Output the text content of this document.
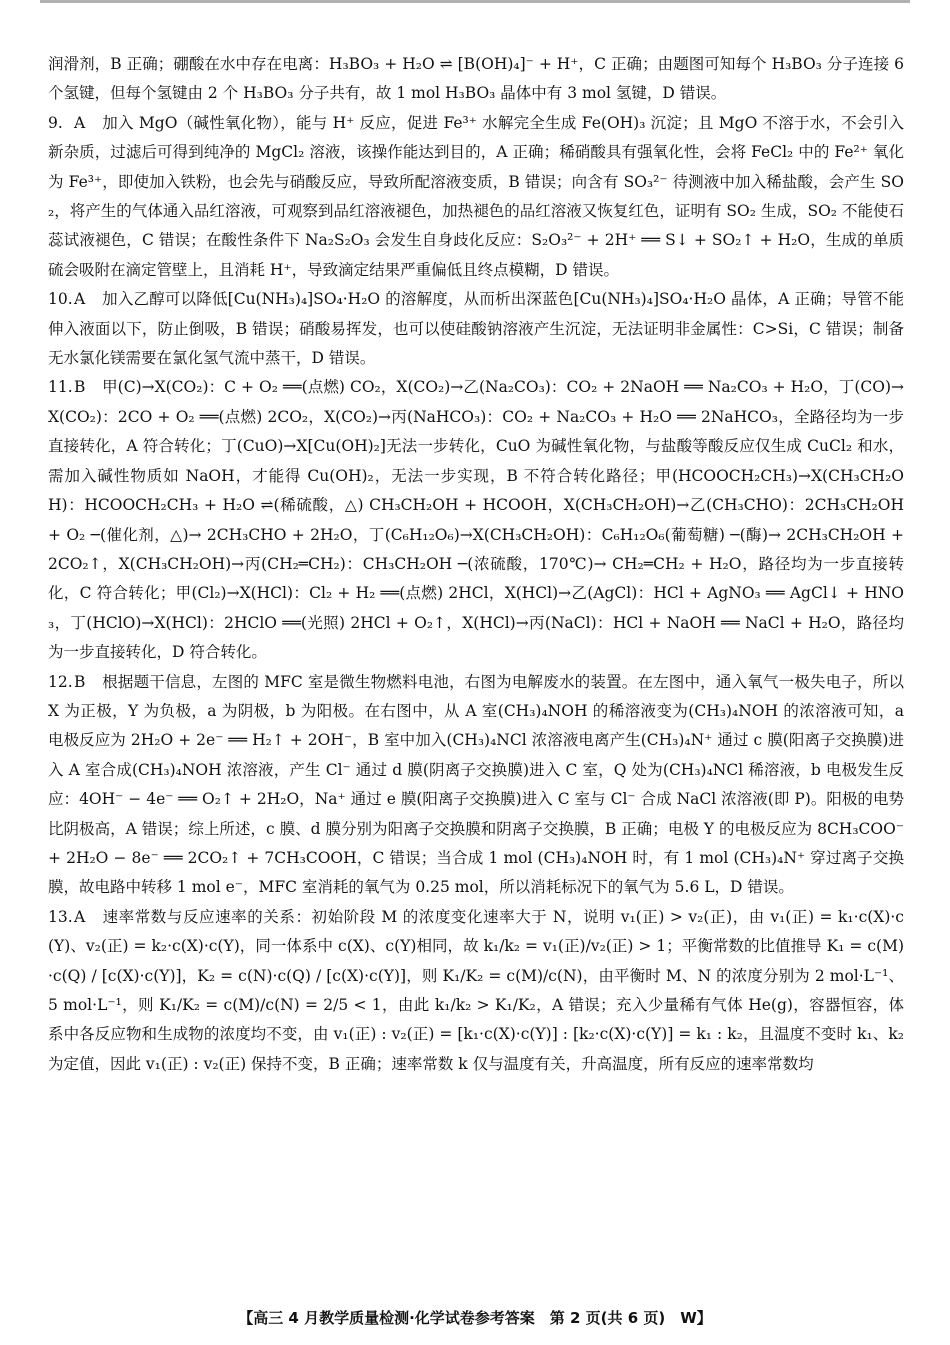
润滑剂，B 正确；硼酸在水中存在电离：H₃BO₃ + H₂O ⇌ [B(OH)₄]⁻ + H⁺，C 正确；由题图可知每个 H₃BO₃ 分子连接 6 个氢键，但每个氢键由 2 个 H₃BO₃ 分子共有，故 1 mol H₃BO₃ 晶体中有 3 mol 氢键，D 错误。

9. A 加入 MgO（碱性氧化物），能与 H⁺ 反应，促进 Fe³⁺ 水解完全生成 Fe(OH)₃ 沉淀；且 MgO 不溶于水，不会引入新杂质，过滤后可得到纯净的 MgCl₂ 溶液，该操作能达到目的，A 正确；稀硝酸具有强氧化性，会将 FeCl₂ 中的 Fe²⁺ 氧化为 Fe³⁺，即使加入铁粉，也会先与硝酸反应，导致所配溶液变质，B 错误；向含有 SO₃²⁻ 待测液中加入稀盐酸，会产生 SO₂，将产生的气体通入品红溶液，可观察到品红溶液褪色，加热褪色的品红溶液又恢复红色，证明有 SO₂ 生成，SO₂ 不能使石蕊试液褪色，C 错误；在酸性条件下 Na₂S₂O₃ 会发生自身歧化反应：S₂O₃²⁻ + 2H⁺ ══ S↓ + SO₂↑ + H₂O，生成的单质硫会吸附在滴定管壁上，且消耗 H⁺，导致滴定结果严重偏低且终点模糊，D 错误。

10.A 加入乙醇可以降低[Cu(NH₃)₄]SO₄·H₂O 的溶解度，从而析出深蓝色[Cu(NH₃)₄]SO₄·H₂O 晶体，A 正确；导管不能伸入液面以下，防止倒吸，B 错误；硝酸易挥发，也可以使硅酸钠溶液产生沉淀，无法证明非金属性：C>Si，C 错误；制备无水氯化镁需要在氯化氢气流中蒸干，D 错误。

11.B 甲(C)→X(CO₂)：C + O₂ ══(点燃) CO₂，X(CO₂)→乙(Na₂CO₃)：CO₂ + 2NaOH ══ Na₂CO₃ + H₂O，丁(CO)→X(CO₂)：2CO + O₂ ══(点燃) 2CO₂，X(CO₂)→丙(NaHCO₃)：CO₂ + Na₂CO₃ + H₂O ══ 2NaHCO₃，全路径均为一步直接转化，A 符合转化；丁(CuO)→X[Cu(OH)₂]无法一步转化，CuO 为碱性氧化物，与盐酸等酸反应仅生成 CuCl₂ 和水，需加入碱性物质如 NaOH，才能得 Cu(OH)₂，无法一步实现，B 不符合转化路径；甲(HCOOCH₂CH₃)→X(CH₃CH₂OH)：HCOOCH₂CH₃ + H₂O ⇌(稀硫酸，△) CH₃CH₂OH + HCOOH，X(CH₃CH₂OH)→乙(CH₃CHO)：2CH₃CH₂OH + O₂ ─(催化剂，△)→ 2CH₃CHO + 2H₂O，丁(C₆H₁₂O₆)→X(CH₃CH₂OH)：C₆H₁₂O₆(葡萄糖) ─(酶)→ 2CH₃CH₂OH + 2CO₂↑，X(CH₃CH₂OH)→丙(CH₂═CH₂)：CH₃CH₂OH ─(浓硫酸，170℃)→ CH₂═CH₂ + H₂O，路径均为一步直接转化，C 符合转化；甲(Cl₂)→X(HCl)：Cl₂ + H₂ ══(点燃) 2HCl，X(HCl)→乙(AgCl)：HCl + AgNO₃ ══ AgCl↓ + HNO₃，丁(HClO)→X(HCl)：2HClO ══(光照) 2HCl + O₂↑，X(HCl)→丙(NaCl)：HCl + NaOH ══ NaCl + H₂O，路径均为一步直接转化，D 符合转化。

12.B 根据题干信息，左图的 MFC 室是微生物燃料电池，右图为电解废水的装置。在左图中，通入氧气一极失电子，所以 X 为正极，Y 为负极，a 为阴极，b 为阳极。在右图中，从 A 室(CH₃)₄NOH 的稀溶液变为(CH₃)₄NOH 的浓溶液可知，a 电极反应为 2H₂O + 2e⁻ ══ H₂↑ + 2OH⁻，B 室中加入(CH₃)₄NCl 浓溶液电离产生(CH₃)₄N⁺ 通过 c 膜(阳离子交换膜)进入 A 室合成(CH₃)₄NOH 浓溶液，产生 Cl⁻ 通过 d 膜(阴离子交换膜)进入 C 室，Q 处为(CH₃)₄NCl 稀溶液，b 电极发生反应：4OH⁻ − 4e⁻ ══ O₂↑ + 2H₂O，Na⁺ 通过 e 膜(阳离子交换膜)进入 C 室与 Cl⁻ 合成 NaCl 浓溶液(即 P)。阳极的电势比阴极高，A 错误；综上所述，c 膜、d 膜分别为阳离子交换膜和阴离子交换膜，B 正确；电极 Y 的电极反应为 8CH₃COO⁻ + 2H₂O − 8e⁻ ══ 2CO₂↑ + 7CH₃COOH，C 错误；当合成 1 mol (CH₃)₄NOH 时，有 1 mol (CH₃)₄N⁺ 穿过离子交换膜，故电路中转移 1 mol e⁻，MFC 室消耗的氧气为 0.25 mol，所以消耗标况下的氧气为 5.6 L，D 错误。

13.A 速率常数与反应速率的关系：初始阶段 M 的浓度变化速率大于 N，说明 v₁(正) > v₂(正)，由 v₁(正) = k₁·c(X)·c(Y)、v₂(正) = k₂·c(X)·c(Y)，同一体系中 c(X)、c(Y)相同，故 k₁/k₂ = v₁(正)/v₂(正) > 1；平衡常数的比值推导 K₁ = c(M)·c(Q) / [c(X)·c(Y)]，K₂ = c(N)·c(Q) / [c(X)·c(Y)]，则 K₁/K₂ = c(M)/c(N)，由平衡时 M、N 的浓度分别为 2 mol·L⁻¹、5 mol·L⁻¹，则 K₁/K₂ = c(M)/c(N) = 2/5 < 1，由此 k₁/k₂ > K₁/K₂，A 错误；充入少量稀有气体 He(g)，容器恒容，体系中各反应物和生成物的浓度均不变，由 v₁(正) : v₂(正) = [k₁·c(X)·c(Y)] : [k₂·c(X)·c(Y)] = k₁ : k₂，且温度不变时 k₁、k₂ 为定值，因此 v₁(正) : v₂(正) 保持不变，B 正确；速率常数 k 仅与温度有关，升高温度，所有反应的速率常数均

【高三 4 月教学质量检测·化学试卷参考答案　第 2 页(共 6 页)　W】
